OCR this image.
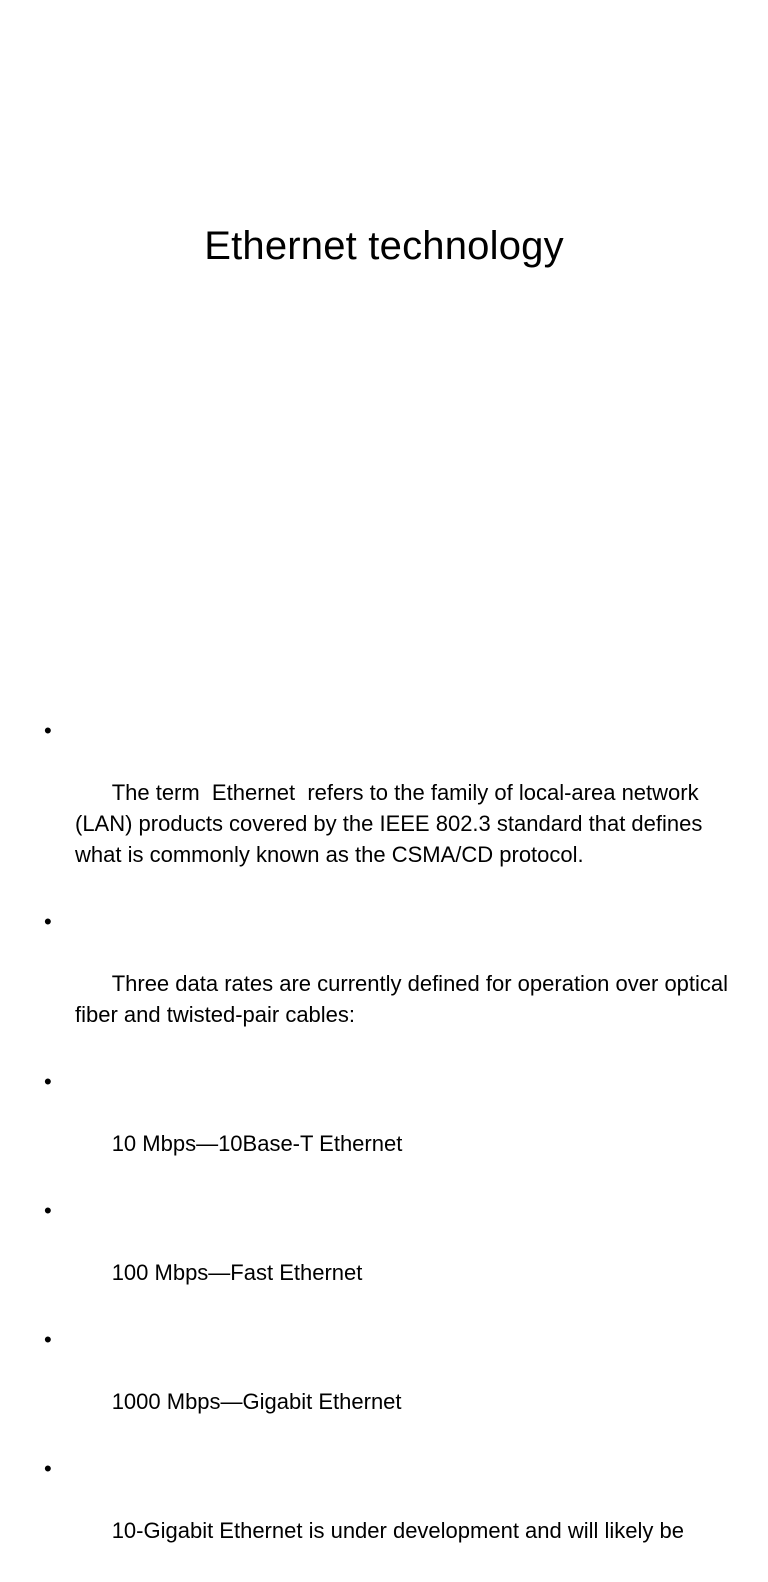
Ethernet technology

•

The term  Ethernet  refers to the family of local-area network (LAN) products covered by the IEEE 802.3 standard that defines what is commonly known as the CSMA/CD protocol.

•

Three data rates are currently defined for operation over optical fiber and twisted-pair cables:

•

10 Mbps—10Base-T Ethernet

•

100 Mbps—Fast Ethernet

•

1000 Mbps—Gigabit Ethernet

•

10-Gigabit Ethernet is under development and will likely be
